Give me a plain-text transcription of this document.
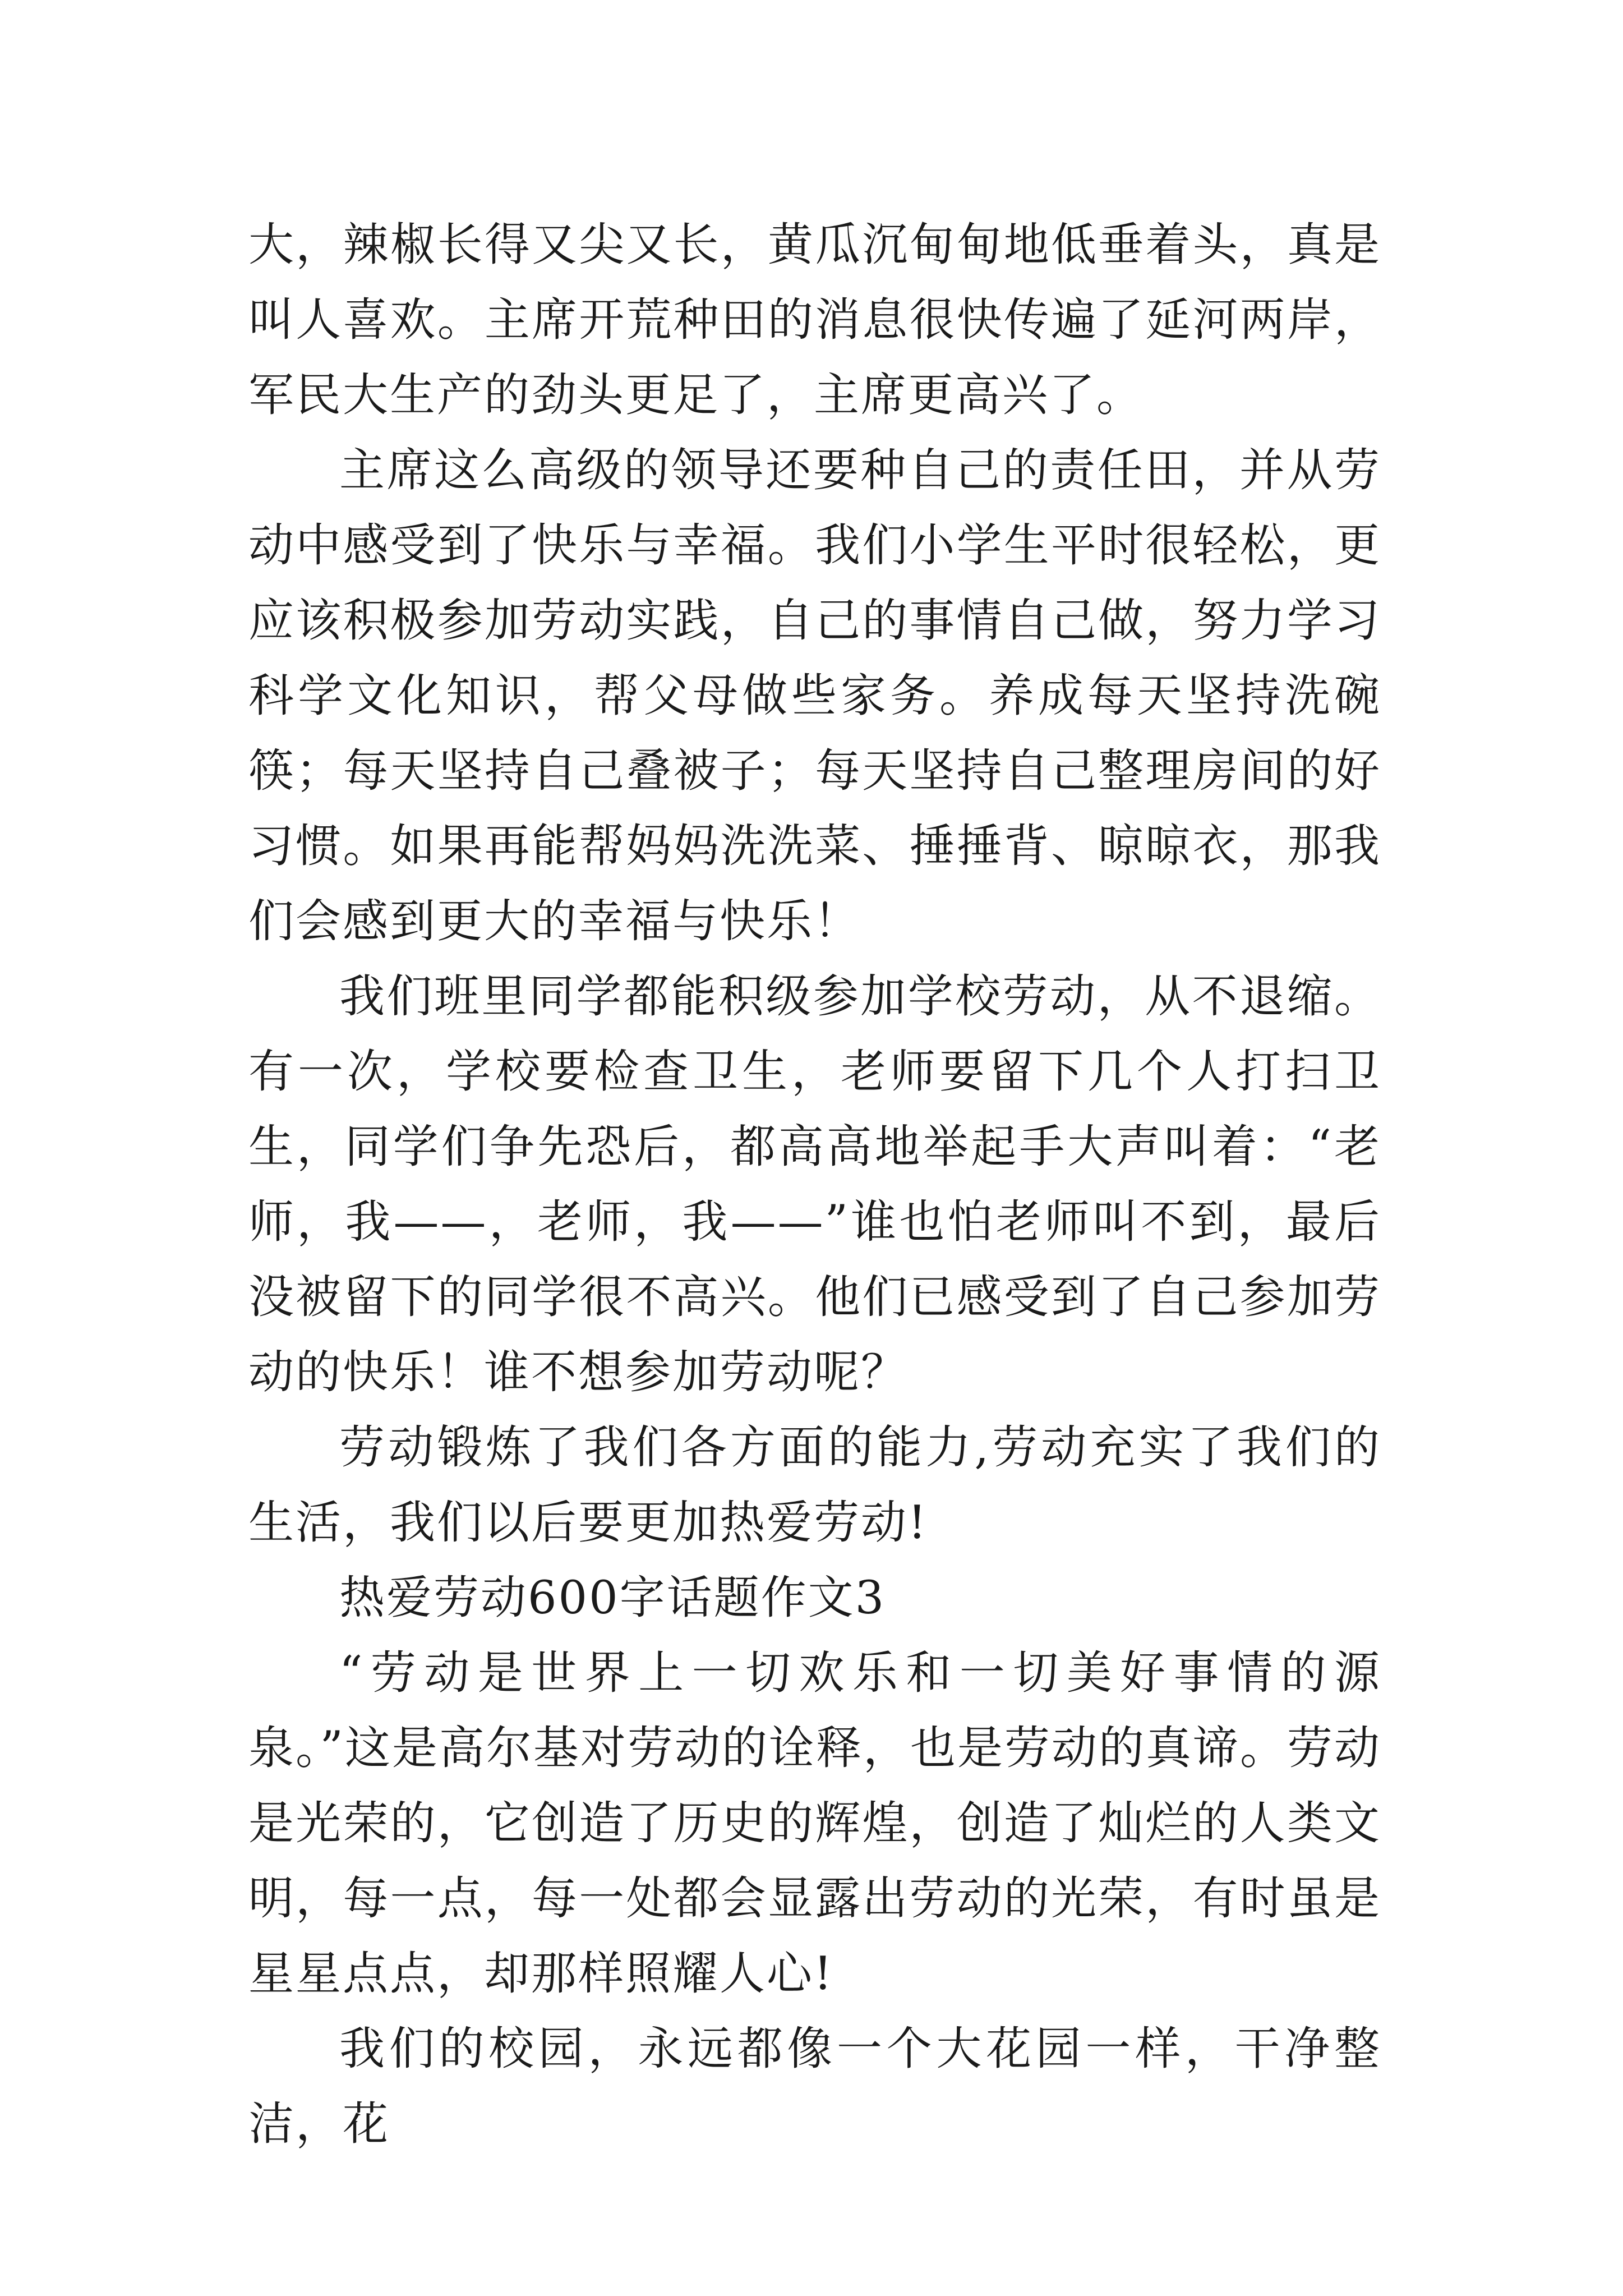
大，辣椒长得又尖又长，黄瓜沉甸甸地低垂着头，真是叫人喜欢。主席开荒种田的消息很快传遍了延河两岸，军民大生产的劲头更足了，主席更高兴了。

主席这么高级的领导还要种自己的责任田，并从劳动中感受到了快乐与幸福。我们小学生平时很轻松，更应该积极参加劳动实践，自己的事情自己做，努力学习科学文化知识，帮父母做些家务。养成每天坚持洗碗筷；每天坚持自己叠被子；每天坚持自己整理房间的好习惯。如果再能帮妈妈洗洗菜、捶捶背、晾晾衣，那我们会感到更大的幸福与快乐！

我们班里同学都能积级参加学校劳动，从不退缩。有一次，学校要检查卫生，老师要留下几个人打扫卫生，同学们争先恐后，都高高地举起手大声叫着：“老师，我——，老师，我——”谁也怕老师叫不到，最后没被留下的同学很不高兴。他们已感受到了自己参加劳动的快乐！谁不想参加劳动呢？

劳动锻炼了我们各方面的能力,劳动充实了我们的生活，我们以后要更加热爱劳动!

热爱劳动600字话题作文3

“劳动是世界上一切欢乐和一切美好事情的源泉。”这是高尔基对劳动的诠释，也是劳动的真谛。劳动是光荣的，它创造了历史的辉煌，创造了灿烂的人类文明，每一点，每一处都会显露出劳动的光荣，有时虽是星星点点，却那样照耀人心!

我们的校园，永远都像一个大花园一样，干净整洁，花
